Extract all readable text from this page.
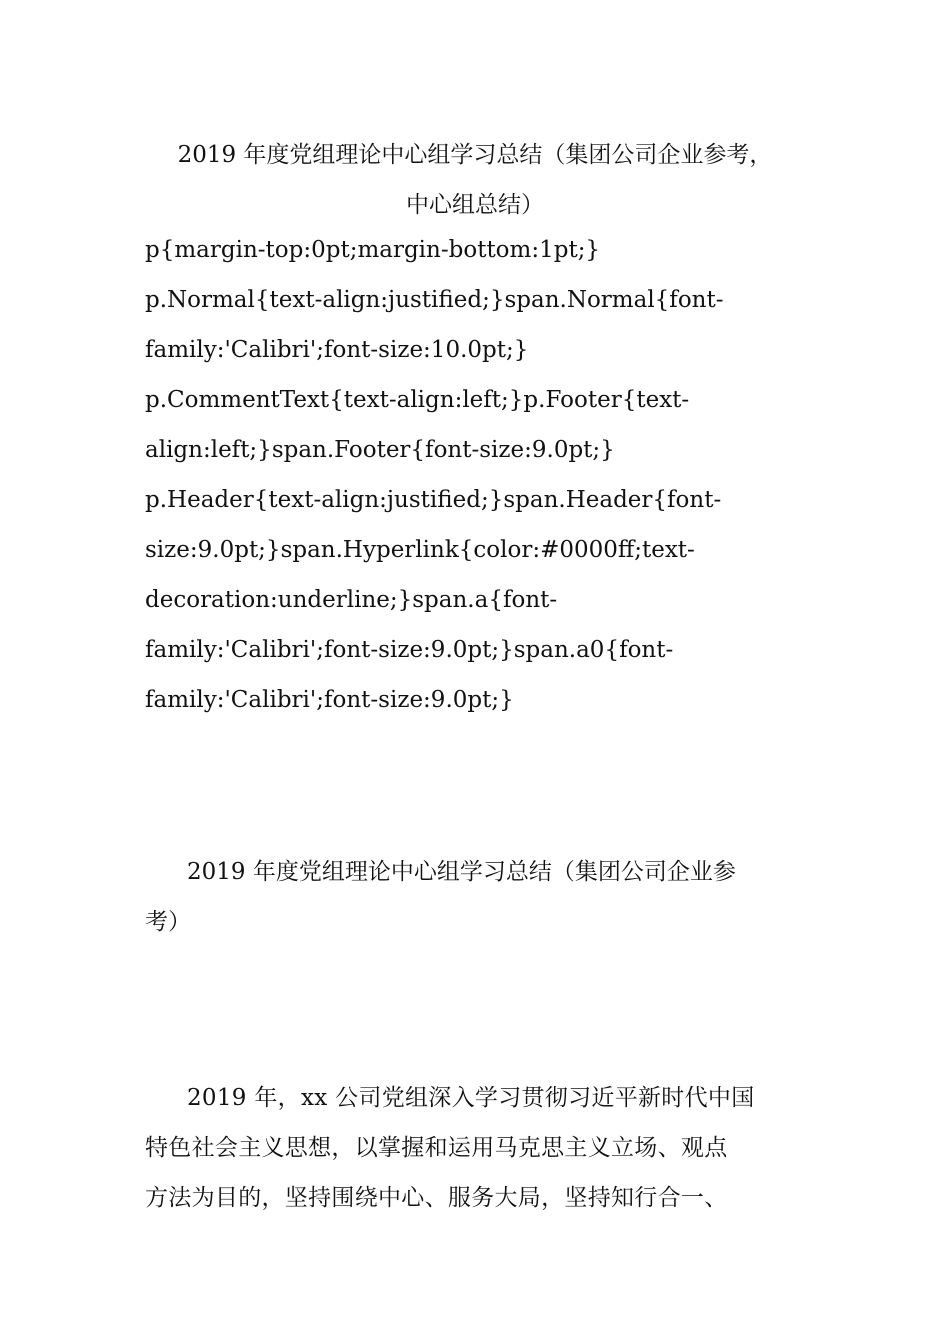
2019 年度党组理论中心组学习总结（集团公司企业参考，
中心组总结）
p{margin-top:0pt;margin-bottom:1pt;}
p.Normal{text-align:justified;}span.Normal{font-
family:'Calibri';font-size:10.0pt;}
p.CommentText{text-align:left;}p.Footer{text-
align:left;}span.Footer{font-size:9.0pt;}
p.Header{text-align:justified;}span.Header{font-
size:9.0pt;}span.Hyperlink{color:#0000ff;text-
decoration:underline;}span.a{font-
family:'Calibri';font-size:9.0pt;}span.a0{font-
family:'Calibri';font-size:9.0pt;}
2019 年度党组理论中心组学习总结（集团公司企业参
考）
2019 年，xx 公司党组深入学习贯彻习近平新时代中国
特色社会主义思想，以掌握和运用马克思主义立场、观点
方法为目的，坚持围绕中心、服务大局，坚持知行合一、
